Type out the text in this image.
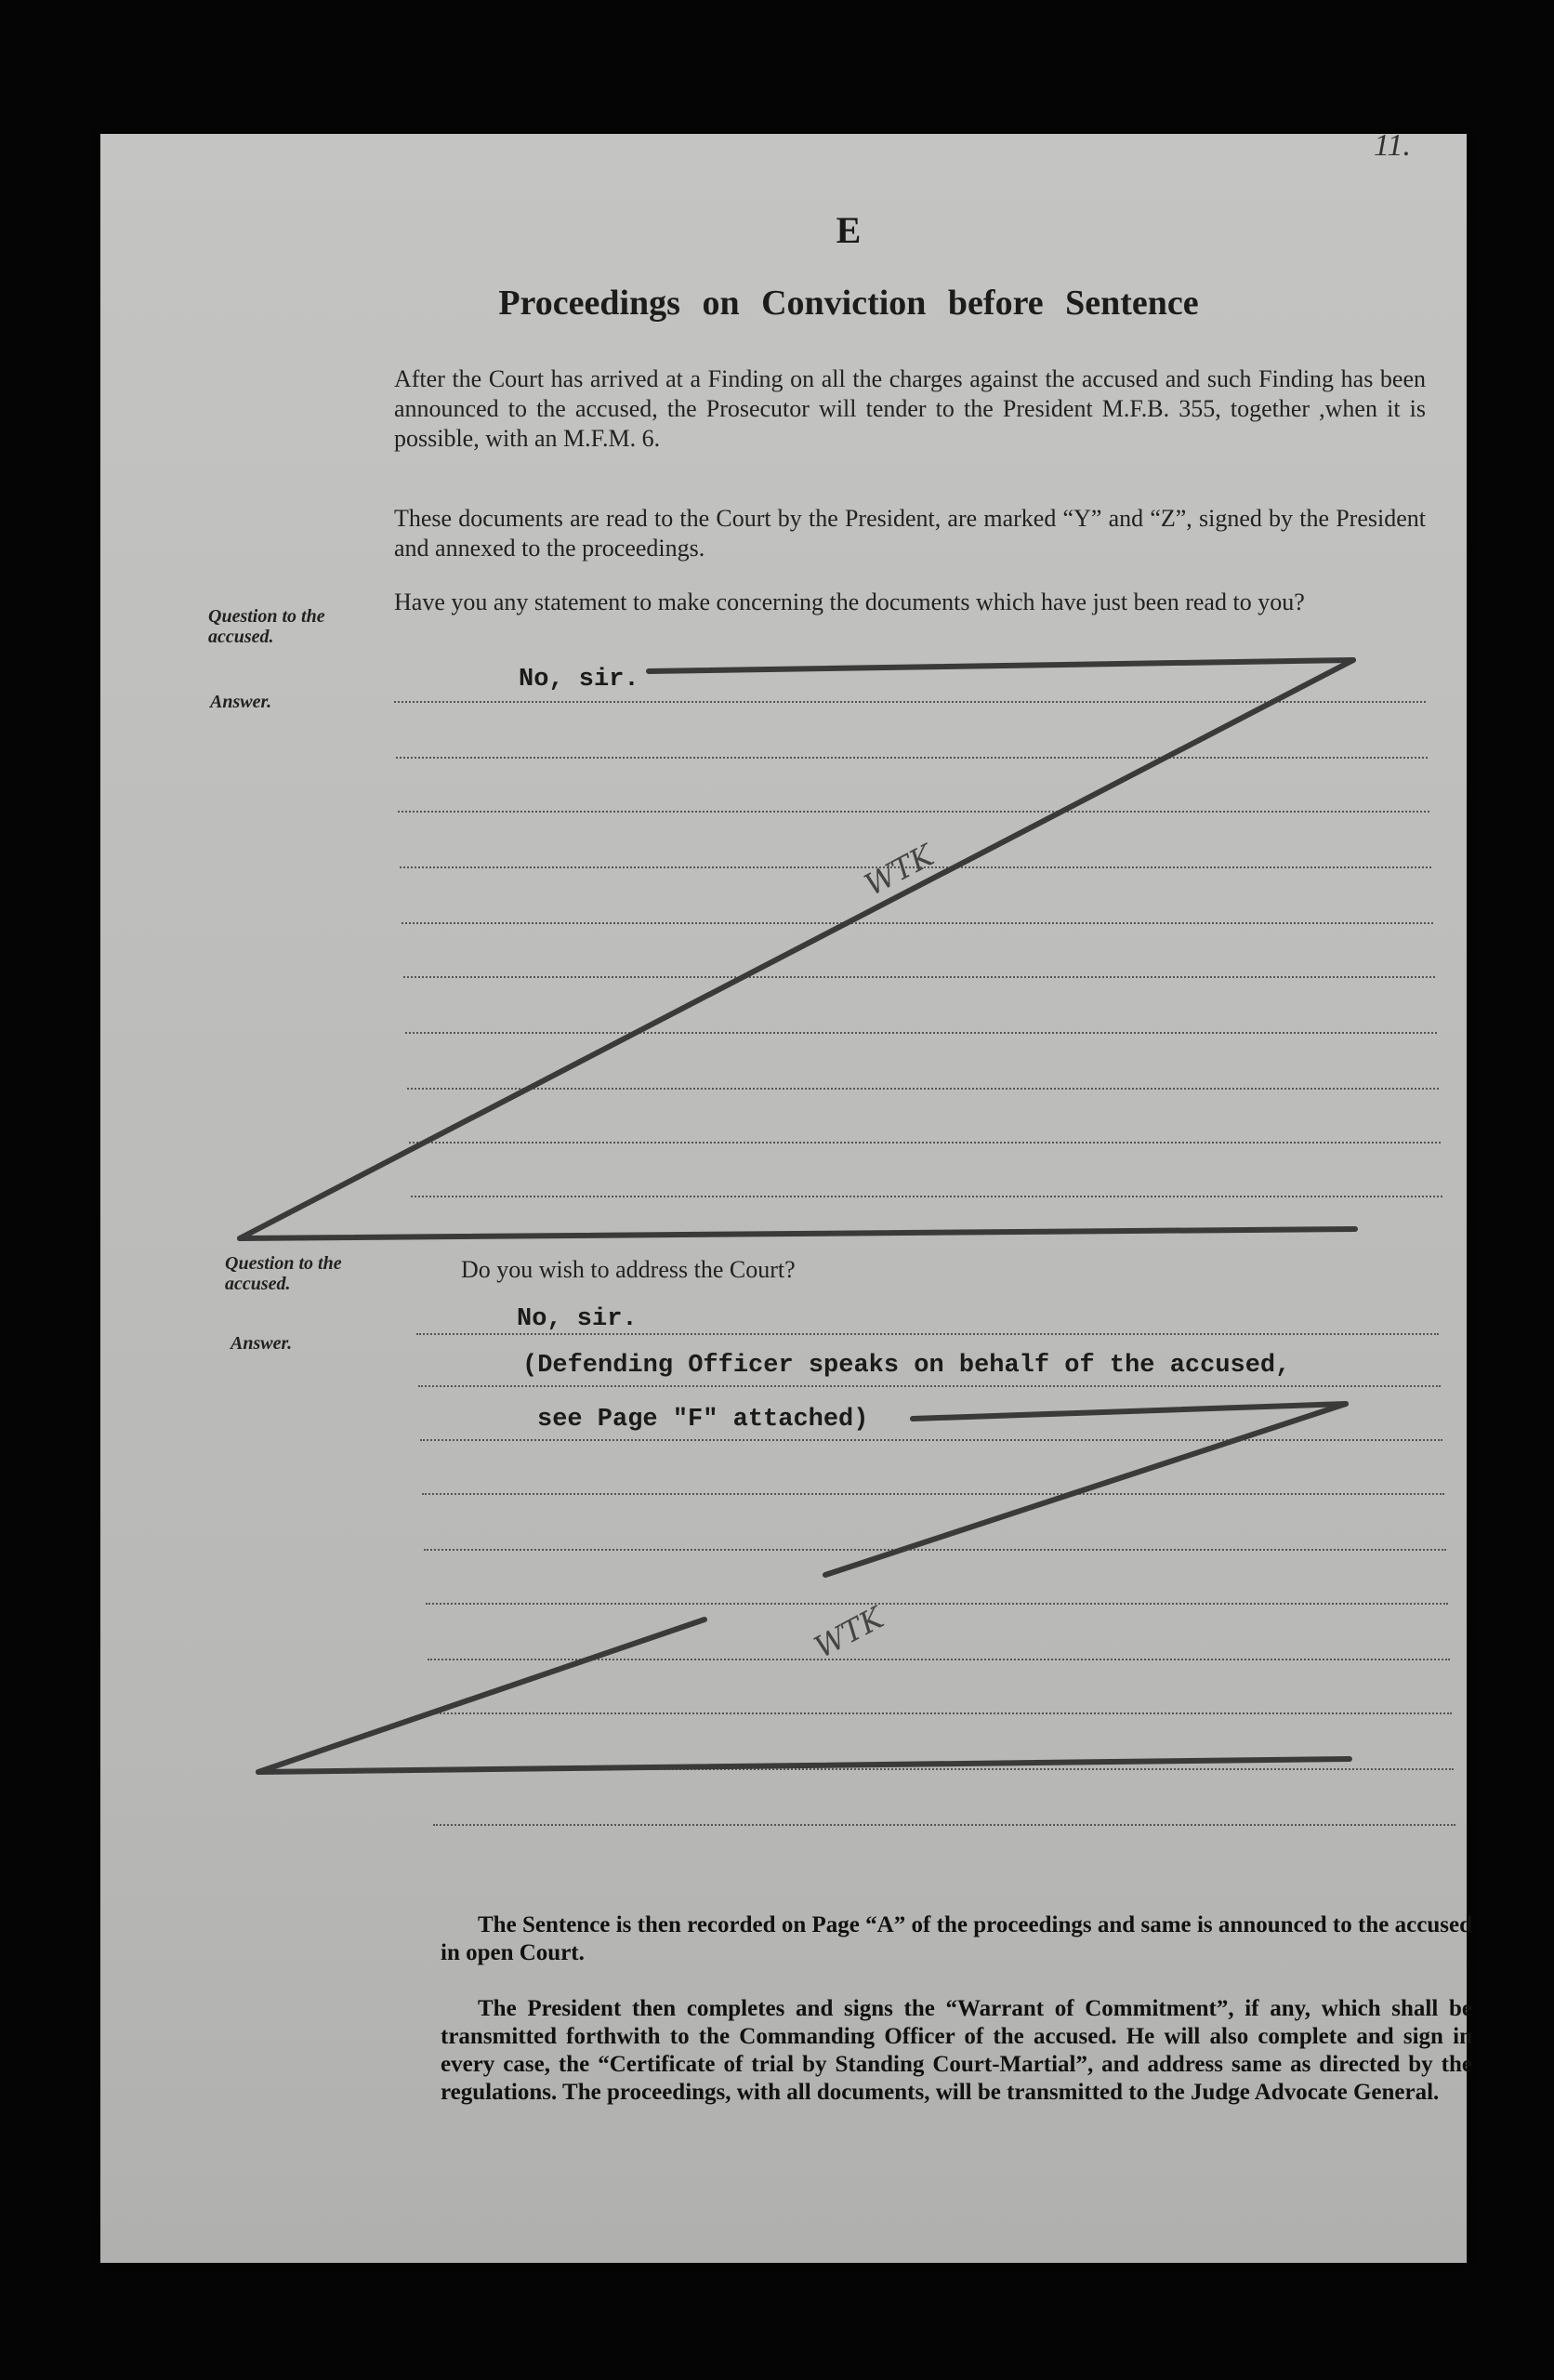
11.
E
Proceedings on Conviction before Sentence
After the Court has arrived at a Finding on all the charges against the accused and such Finding has been announced to the accused, the Prosecutor will tender to the President M.F.B. 355, together ,when it is possible, with an M.F.M. 6.
These documents are read to the Court by the President, are marked “Y” and “Z”, signed by the President and annexed to the proceedings.
Question to the accused.
Have you any statement to make concerning the documents which have just been read to you?
Answer.
No, sir.
Question to the accused.
Do you wish to address the Court?
Answer.
No, sir.
(Defending Officer speaks on behalf of the accused,
see Page "F" attached)
WTK
WTK
The Sentence is then recorded on Page “A” of the proceedings and same is announced to the accused in open Court.
The President then completes and signs the “Warrant of Commitment”, if any, which shall be transmitted forthwith to the Commanding Officer of the accused. He will also complete and sign in every case, the “Certificate of trial by Standing Court-Martial”, and address same as directed by the regulations. The proceedings, with all documents, will be transmitted to the Judge Advocate General.
